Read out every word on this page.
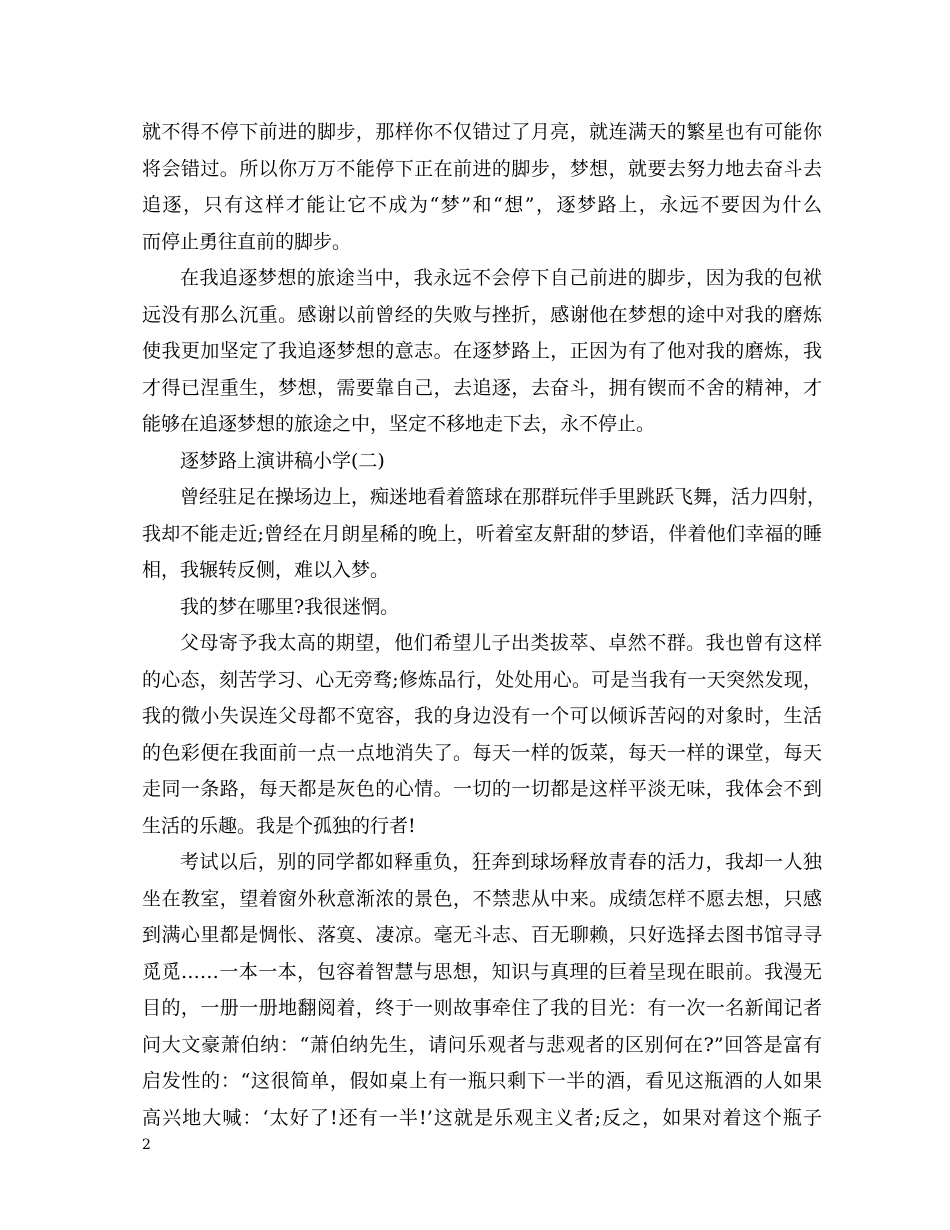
就不得不停下前进的脚步，那样你不仅错过了月亮，就连满天的繁星也有可能你
将会错过。所以你万万不能停下正在前进的脚步，梦想，就要去努力地去奋斗去
追逐，只有这样才能让它不成为“梦”和“想”，逐梦路上，永远不要因为什么
而停止勇往直前的脚步。
在我追逐梦想的旅途当中，我永远不会停下自己前进的脚步，因为我的包袱
远没有那么沉重。感谢以前曾经的失败与挫折，感谢他在梦想的途中对我的磨炼
使我更加坚定了我追逐梦想的意志。在逐梦路上，正因为有了他对我的磨炼，我
才得已涅重生，梦想，需要靠自己，去追逐，去奋斗，拥有锲而不舍的精神，才
能够在追逐梦想的旅途之中，坚定不移地走下去，永不停止。
逐梦路上演讲稿小学(二)
曾经驻足在操场边上，痴迷地看着篮球在那群玩伴手里跳跃飞舞，活力四射，
我却不能走近;曾经在月朗星稀的晚上，听着室友鼾甜的梦语，伴着他们幸福的睡
相，我辗转反侧，难以入梦。
我的梦在哪里?我很迷惘。
父母寄予我太高的期望，他们希望儿子出类拔萃、卓然不群。我也曾有这样
的心态，刻苦学习、心无旁骛;修炼品行，处处用心。可是当我有一天突然发现，
我的微小失误连父母都不宽容，我的身边没有一个可以倾诉苦闷的对象时，生活
的色彩便在我面前一点一点地消失了。每天一样的饭菜，每天一样的课堂，每天
走同一条路，每天都是灰色的心情。一切的一切都是这样平淡无味，我体会不到
生活的乐趣。我是个孤独的行者!
考试以后，别的同学都如释重负，狂奔到球场释放青春的活力，我却一人独
坐在教室，望着窗外秋意渐浓的景色，不禁悲从中来。成绩怎样不愿去想，只感
到满心里都是惆怅、落寞、凄凉。毫无斗志、百无聊赖，只好选择去图书馆寻寻
觅觅……一本一本，包容着智慧与思想，知识与真理的巨着呈现在眼前。我漫无
目的，一册一册地翻阅着，终于一则故事牵住了我的目光：有一次一名新闻记者
问大文豪萧伯纳：“萧伯纳先生，请问乐观者与悲观者的区别何在?”回答是富有
启发性的：“这很简单，假如桌上有一瓶只剩下一半的酒，看见这瓶酒的人如果
高兴地大喊：‘太好了!还有一半!’这就是乐观主义者;反之，如果对着这个瓶子
2
